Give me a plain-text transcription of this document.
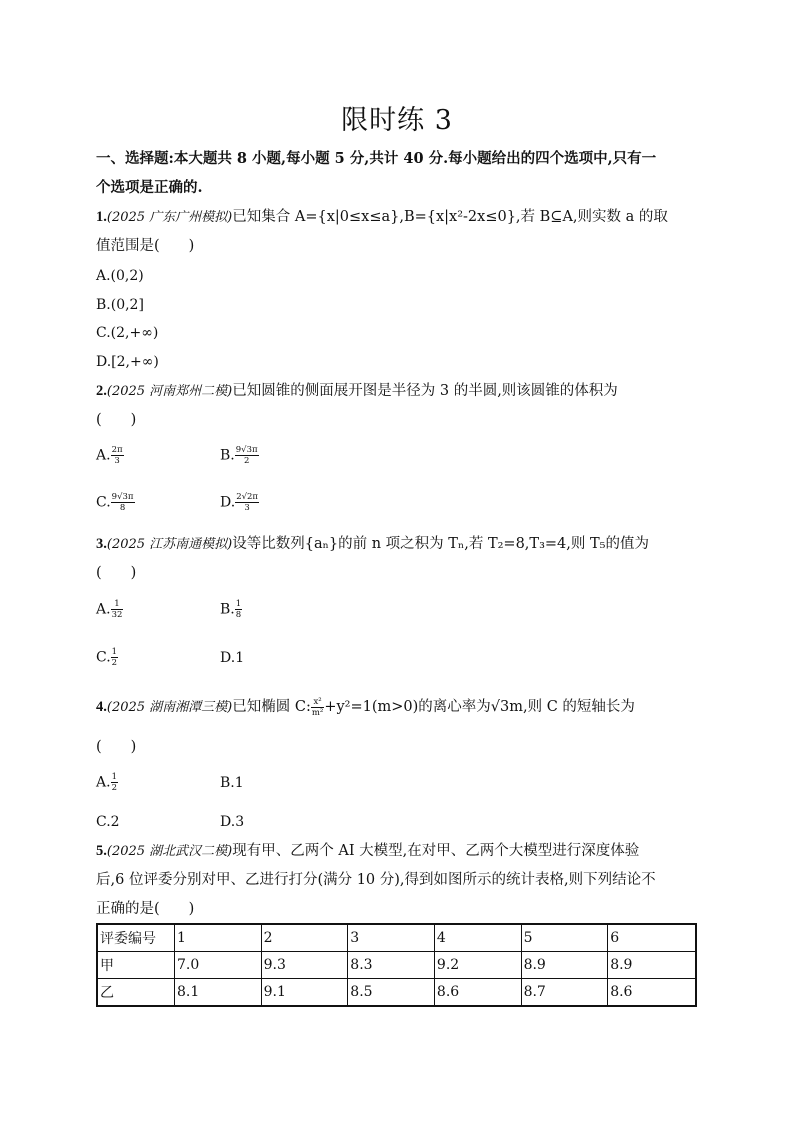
限时练 3
一、选择题:本大题共 8 小题,每小题 5 分,共计 40 分.每小题给出的四个选项中,只有一
个选项是正确的.
1.(2025 广东广州模拟)已知集合 A={x|0≤x≤a},B={x|x²-2x≤0},若 B⊆A,则实数 a 的取
值范围是(　　)
A.(0,2)
B.(0,2]
C.(2,+∞)
D.[2,+∞)
2.(2025 河南郑州二模)已知圆锥的侧面展开图是半径为 3 的半圆,则该圆锥的体积为
(　　)
A. $\frac{2\pi}{3}$	B. $\frac{9√3\pi}{2}$
C. $\frac{9√3\pi}{8}$	D. $\frac{2√2\pi}{3}$
3.(2025 江苏南通模拟)设等比数列{aₙ}的前 n 项之积为 Tₙ,若 T₂=8,T₃=4,则 T₅的值为
(　　)
A. $\frac{1}{32}$	B. $\frac{1}{8}$
C. $\frac{1}{2}$	D.1
4.(2025 湖南湘潭三模)已知椭圆 C: $\frac{\text{x²}}{\text{m²}} +y^2=1(m>0)$的离心率为√3m,则 C 的短轴长为
(　　)
A. $\frac{1}{2}$	B.1
C.2	D.3
5.(2025 湖北武汉二模)现有甲、乙两个 AI 大模型,在对甲、乙两个大模型进行深度体验
后,6 位评委分别对甲、乙进行打分(满分 10 分),得到如图所示的统计表格,则下列结论不
正确的是(　　)
评委编号	1	2	3	4	5	6
甲	7.0	9.3	8.3	9.2	8.9	8.9
乙	8.1	9.1	8.5	8.6	8.7	8.6
